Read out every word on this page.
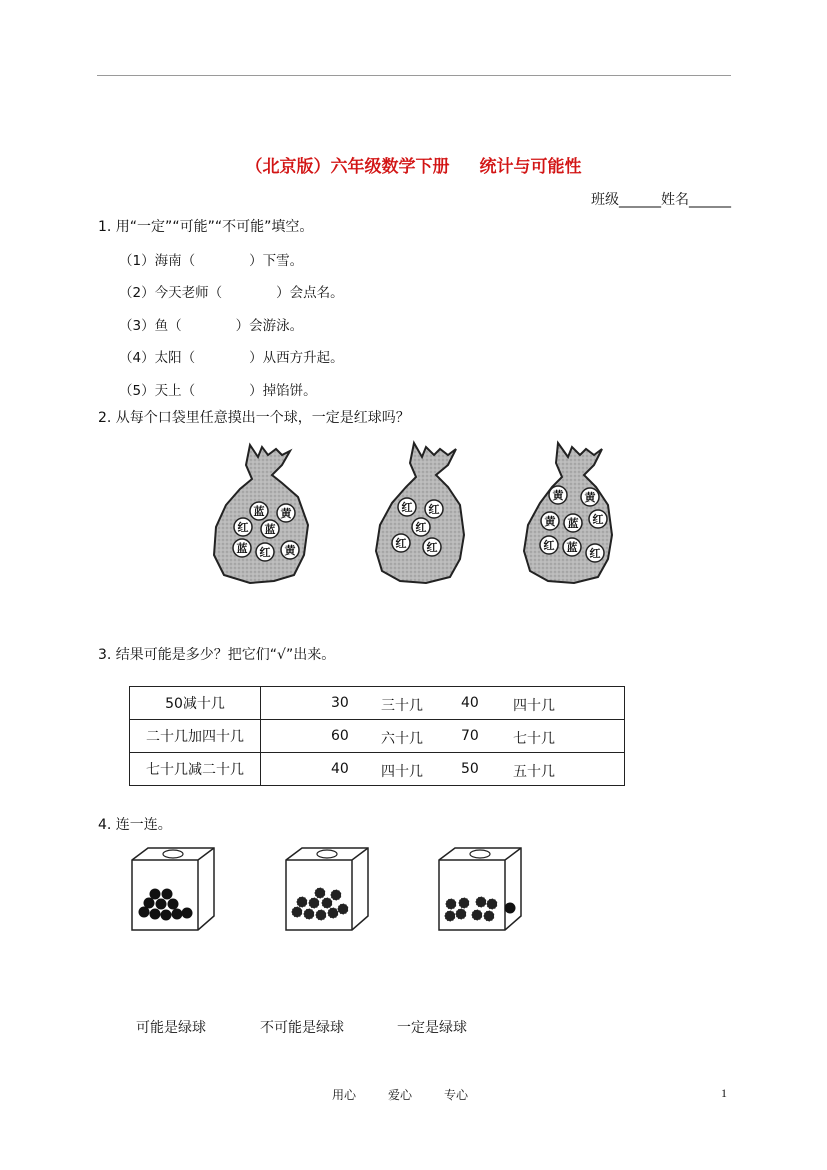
（北京版）六年级数学下册 统计与可能性
班级______姓名______
1. 用“一定”“可能”“不可能”填空。
（1）海南（　　　　）下雪。
（2）今天老师（　　　　）会点名。
（3）鱼（　　　　）会游泳。
（4）太阳（　　　　）从西方升起。
（5）天上（　　　　）掉馅饼。
2. 从每个口袋里任意摸出一个球，一定是红球吗？
蓝 黄
红 蓝
蓝 红 黄
红 红
红
红 红
黄 黄
黄 蓝 红
红 蓝 红
3. 结果可能是多少？把它们“√”出来。
50减十几	30 三十几 40 四十几

二十几加四十几	60 六十几 70 七十几

七十几减二十几	40 四十几 50 五十几
4. 连一连。
可能是绿球	不可能是绿球	一定是绿球
用心	爱心	专心	1
